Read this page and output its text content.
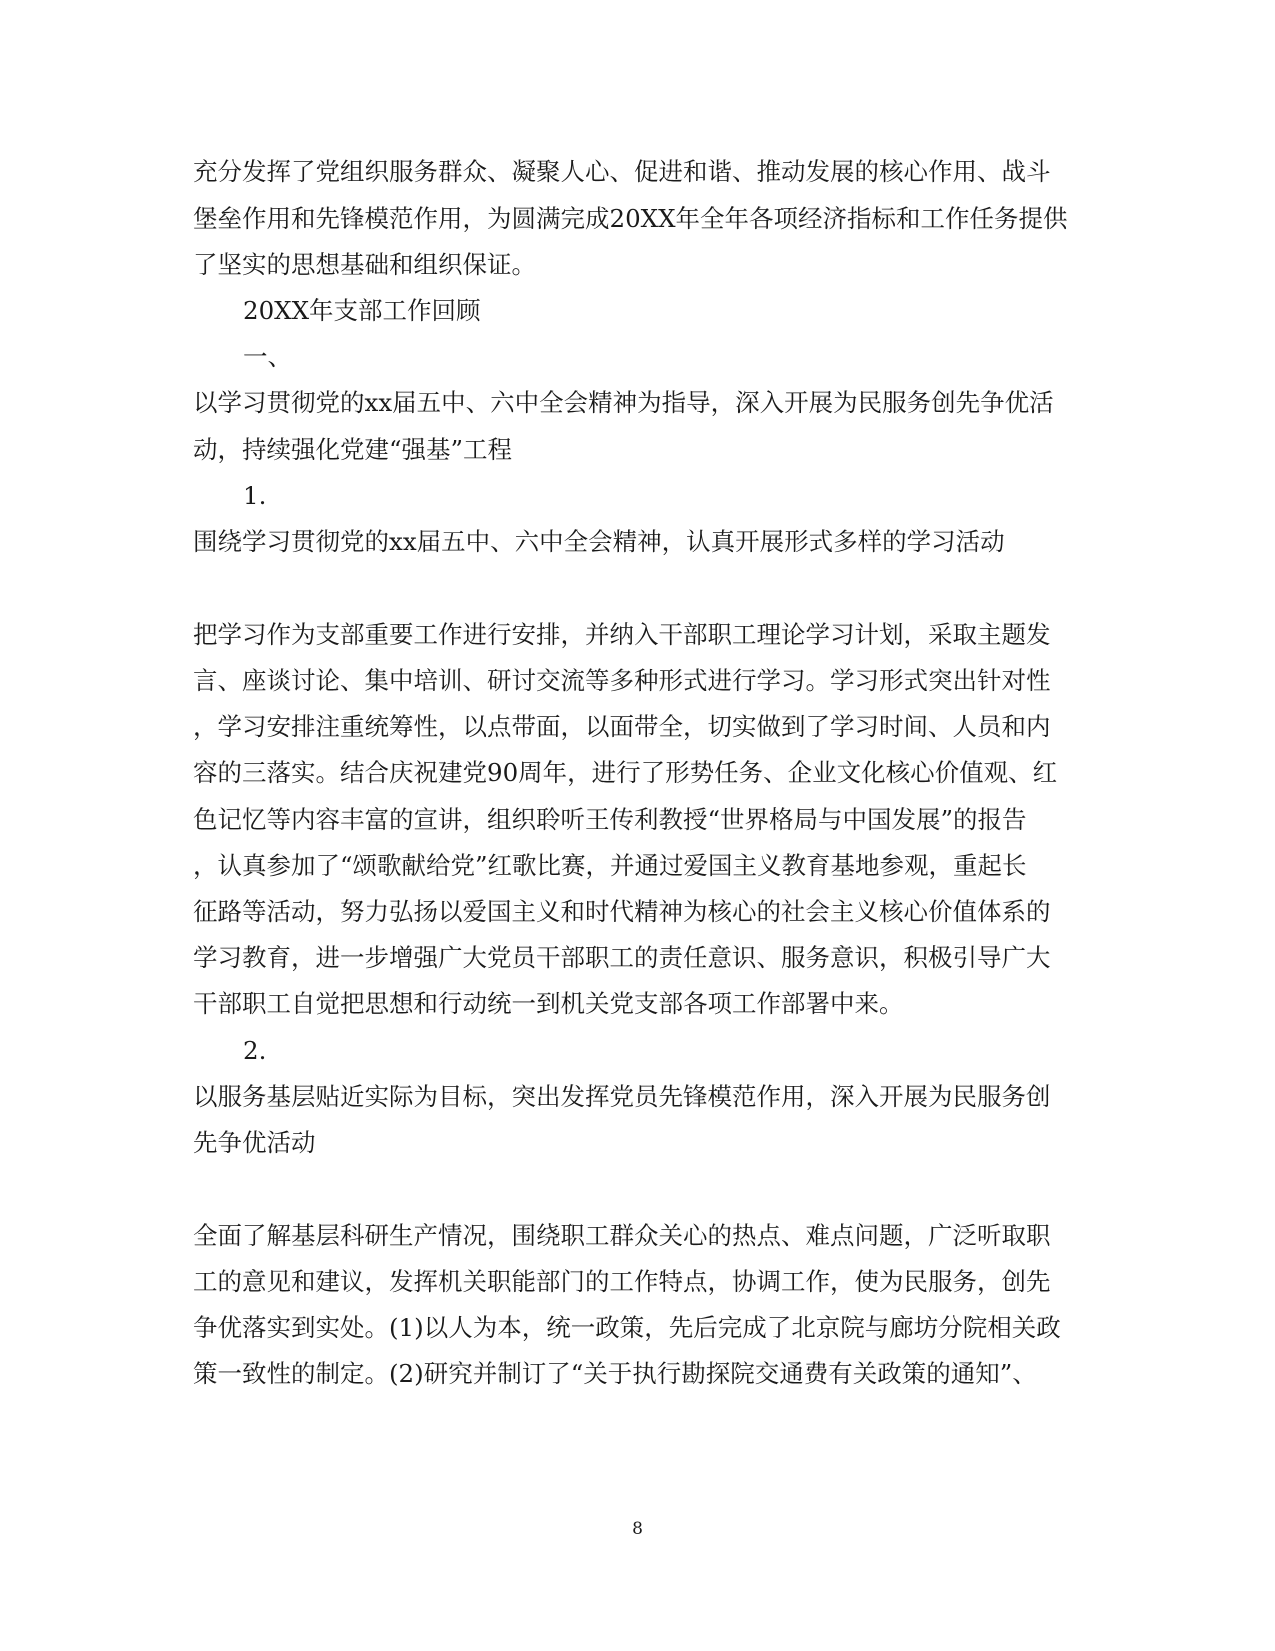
充分发挥了党组织服务群众、凝聚人心、促进和谐、推动发展的核心作用、战斗
堡垒作用和先锋模范作用，为圆满完成20XX年全年各项经济指标和工作任务提供
了坚实的思想基础和组织保证。
20XX年支部工作回顾
一、
以学习贯彻党的xx届五中、六中全会精神为指导，深入开展为民服务创先争优活
动，持续强化党建“强基”工程
1.
围绕学习贯彻党的xx届五中、六中全会精神，认真开展形式多样的学习活动
把学习作为支部重要工作进行安排，并纳入干部职工理论学习计划，采取主题发
言、座谈讨论、集中培训、研讨交流等多种形式进行学习。学习形式突出针对性
，学习安排注重统筹性，以点带面，以面带全，切实做到了学习时间、人员和内
容的三落实。结合庆祝建党90周年，进行了形势任务、企业文化核心价值观、红
色记忆等内容丰富的宣讲，组织聆听王传利教授“世界格局与中国发展”的报告
，认真参加了“颂歌献给党”红歌比赛，并通过爱国主义教育基地参观，重起长
征路等活动，努力弘扬以爱国主义和时代精神为核心的社会主义核心价值体系的
学习教育，进一步增强广大党员干部职工的责任意识、服务意识，积极引导广大
干部职工自觉把思想和行动统一到机关党支部各项工作部署中来。
2.
以服务基层贴近实际为目标，突出发挥党员先锋模范作用，深入开展为民服务创
先争优活动
全面了解基层科研生产情况，围绕职工群众关心的热点、难点问题，广泛听取职
工的意见和建议，发挥机关职能部门的工作特点，协调工作，使为民服务，创先
争优落实到实处。(1)以人为本，统一政策，先后完成了北京院与廊坊分院相关政
策一致性的制定。(2)研究并制订了“关于执行勘探院交通费有关政策的通知”、
8
